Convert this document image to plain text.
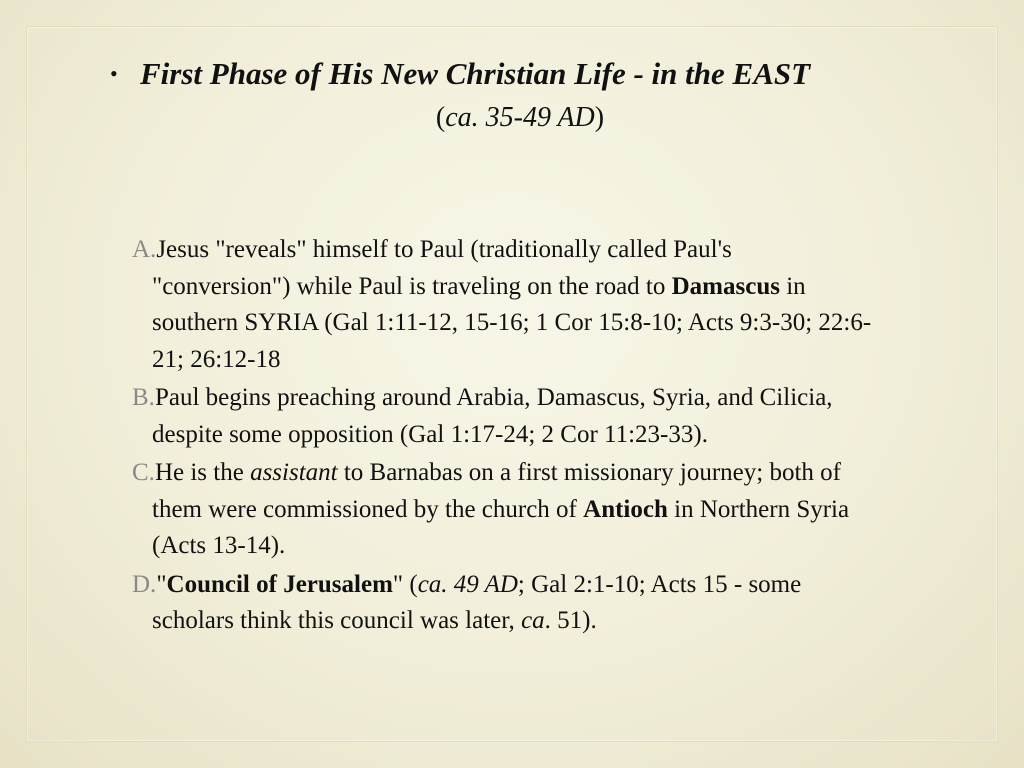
• First Phase of His New Christian Life - in the EAST
(ca. 35-49 AD)
A.Jesus "reveals" himself to Paul (traditionally called Paul's "conversion") while Paul is traveling on the road to Damascus in southern SYRIA (Gal 1:11-12, 15-16; 1 Cor 15:8-10; Acts 9:3-30; 22:6-21; 26:12-18
B.Paul begins preaching around Arabia, Damascus, Syria, and Cilicia, despite some opposition (Gal 1:17-24; 2 Cor 11:23-33).
C.He is the assistant to Barnabas on a first missionary journey; both of them were commissioned by the church of Antioch in Northern Syria (Acts 13-14).
D."Council of Jerusalem" (ca. 49 AD; Gal 2:1-10; Acts 15 - some scholars think this council was later, ca. 51).
